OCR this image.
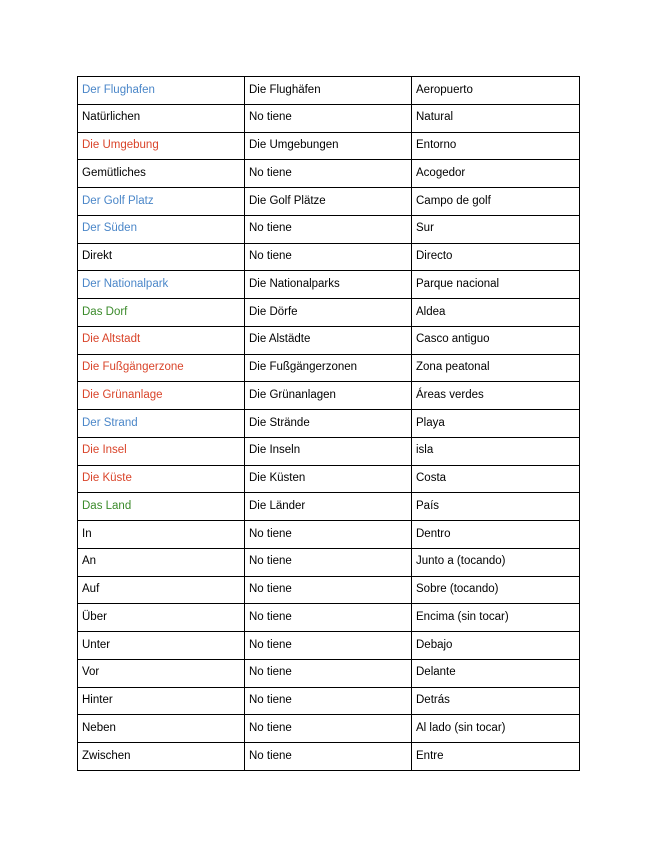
Der Flughafen	Die Flughäfen	Aeropuerto
Natürlichen	No tiene	Natural
Die Umgebung	Die Umgebungen	Entorno
Gemütliches	No tiene	Acogedor
Der Golf Platz	Die Golf Plätze	Campo de golf
Der Süden	No tiene	Sur
Direkt	No tiene	Directo
Der Nationalpark	Die Nationalparks	Parque nacional
Das Dorf	Die Dörfe	Aldea
Die Altstadt	Die Alstädte	Casco antiguo
Die Fußgängerzone	Die Fußgängerzonen	Zona peatonal
Die Grünanlage	Die Grünanlagen	Áreas verdes
Der Strand	Die Strände	Playa
Die Insel	Die Inseln	isla
Die Küste	Die Küsten	Costa
Das Land	Die Länder	País
In	No tiene	Dentro
An	No tiene	Junto a (tocando)
Auf	No tiene	Sobre (tocando)
Über	No tiene	Encima (sin tocar)
Unter	No tiene	Debajo
Vor	No tiene	Delante
Hinter	No tiene	Detrás
Neben	No tiene	Al lado (sin tocar)
Zwischen	No tiene	Entre
